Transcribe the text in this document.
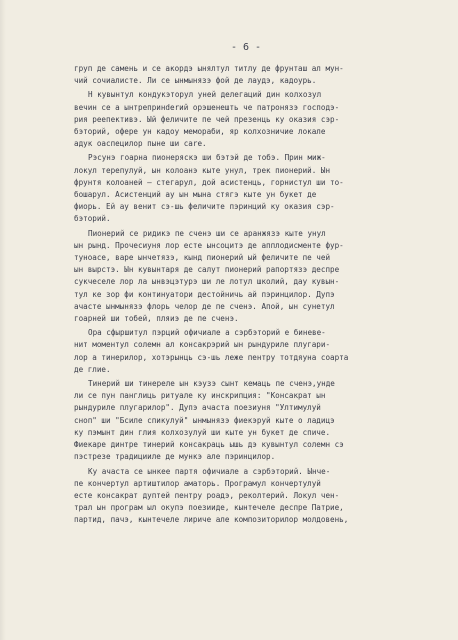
- 6 -
груп де самень и се акордэ ынялтул титлу де фрунташ ал мун-
чий сочиалисте. Ли се ынмынязэ фой де лаудэ, кадоурь.
Н кувынтул кондукэторул уней делегаций дин колхозул
вечин се а ынтрепринderий орэшенешть че патронязэ господэ-
рия реепективэ. Ый феличите пе чей презенць ку оказия сэр-
бэторий, офере ун кадоу мемораби, яр колхозничие локале
адук оаспецилор пыне ши сare.
Рэсунэ гоарна пионеряскэ ши бэтэй де тобэ. Прин миж-
локул терепулуй, ын колоанэ кыте унул, трек пионерий. Ын
фрунтя колоаней – стегарул, дой асистенць, горнистул ши то-
бошарул. Асистенций ау ын мына стягэ кыте ун букет де
фиорь. Ей ау венит сэ-шь феличите пэринций ку оказия сэр-
бэторий.
Пионерий се ридикэ пе сченэ ши се аранжязэ кыте унул
ын рынд. Прочесиуня лор есте ынсоцитэ де апплодисменте фур-
тунoасе, варе ынчетязэ, кынд пионерий ый феличите пе чей
ын вырстэ. Ын кувынтаря де салут пионерий рапортязэ деспре
сукчеселе лор ла ынвэцэтурэ ши ле лотул школий, дау кувын-
тул ке зор фи континуатори дестойничь ай пэринцилор. Дупэ
ачасте ынмынязэ флорь челор де пе сченэ. Апой, ын сунетул
гоарней ши тобей, пляиэ де пе сченэ.
Оpa сфыршитул пэрций офичиале а сэрбэторий е биневе-
нит моментул солемн ал консакрэрий ын рындуриле плугари-
лор а тинерилор, хотэрынць сэ-шь леже пентру тотдяуна соарта
де глие.
Тинерий ши тинереле ын кэузэ сынт кемаць пе сченэ,унде
ли се пун панглиць ритуале ку инскрипция: "Консакрат ын
рындуриле плугарилор". Дупэ ачаста поезиуня "Ултимулуй
сноп" ши "Бсиле спикулуй" ынмынязэ фиекэруй кыте о ладицэ
ку пэмынт дин глия колхозулуй ши кыте ун букет де спиче.
Фиекаре динтре тинерий консакраць ышь дэ кувынтул солемн сэ
пэстрезе традицииле де мункэ але пэринцилор.
Ку ачаста се ынкее партя офичиале а сэрбэторий. Ынче-
пе кончертул артиштилор аматорь. Програмул кончертулуй
есте консакрат дуптей пентру роадэ, рекoлтерий. Локул чен-
трал ын програм ыл окупэ поезииде, кынтечеле деспре Патрие,
партид, пачэ, кынтечеле лириче але композиторилор молдовень,
